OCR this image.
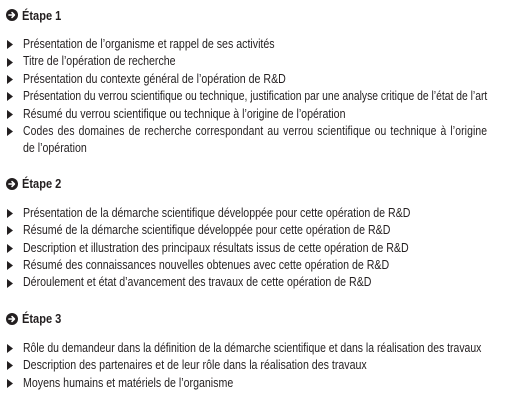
Étape 1
Présentation de l’organisme et rappel de ses activités
Titre de l’opération de recherche
Présentation du contexte général de l’opération de R&D
Présentation du verrou scientifique ou technique, justification par une analyse critique de l’état de l’art
Résumé du verrou scientifique ou technique à l’origine de l’opération
Codes des domaines de recherche correspondant au verrou scientifique ou technique à l’origine
de l’opération
Étape 2
Présentation de la démarche scientifique développée pour cette opération de R&D
Résumé de la démarche scientifique développée pour cette opération de R&D
Description et illustration des principaux résultats issus de cette opération de R&D
Résumé des connaissances nouvelles obtenues avec cette opération de R&D
Déroulement et état d’avancement des travaux de cette opération de R&D
Étape 3
Rôle du demandeur dans la définition de la démarche scientifique et dans la réalisation des travaux
Description des partenaires et de leur rôle dans la réalisation des travaux
Moyens humains et matériels de l’organisme
